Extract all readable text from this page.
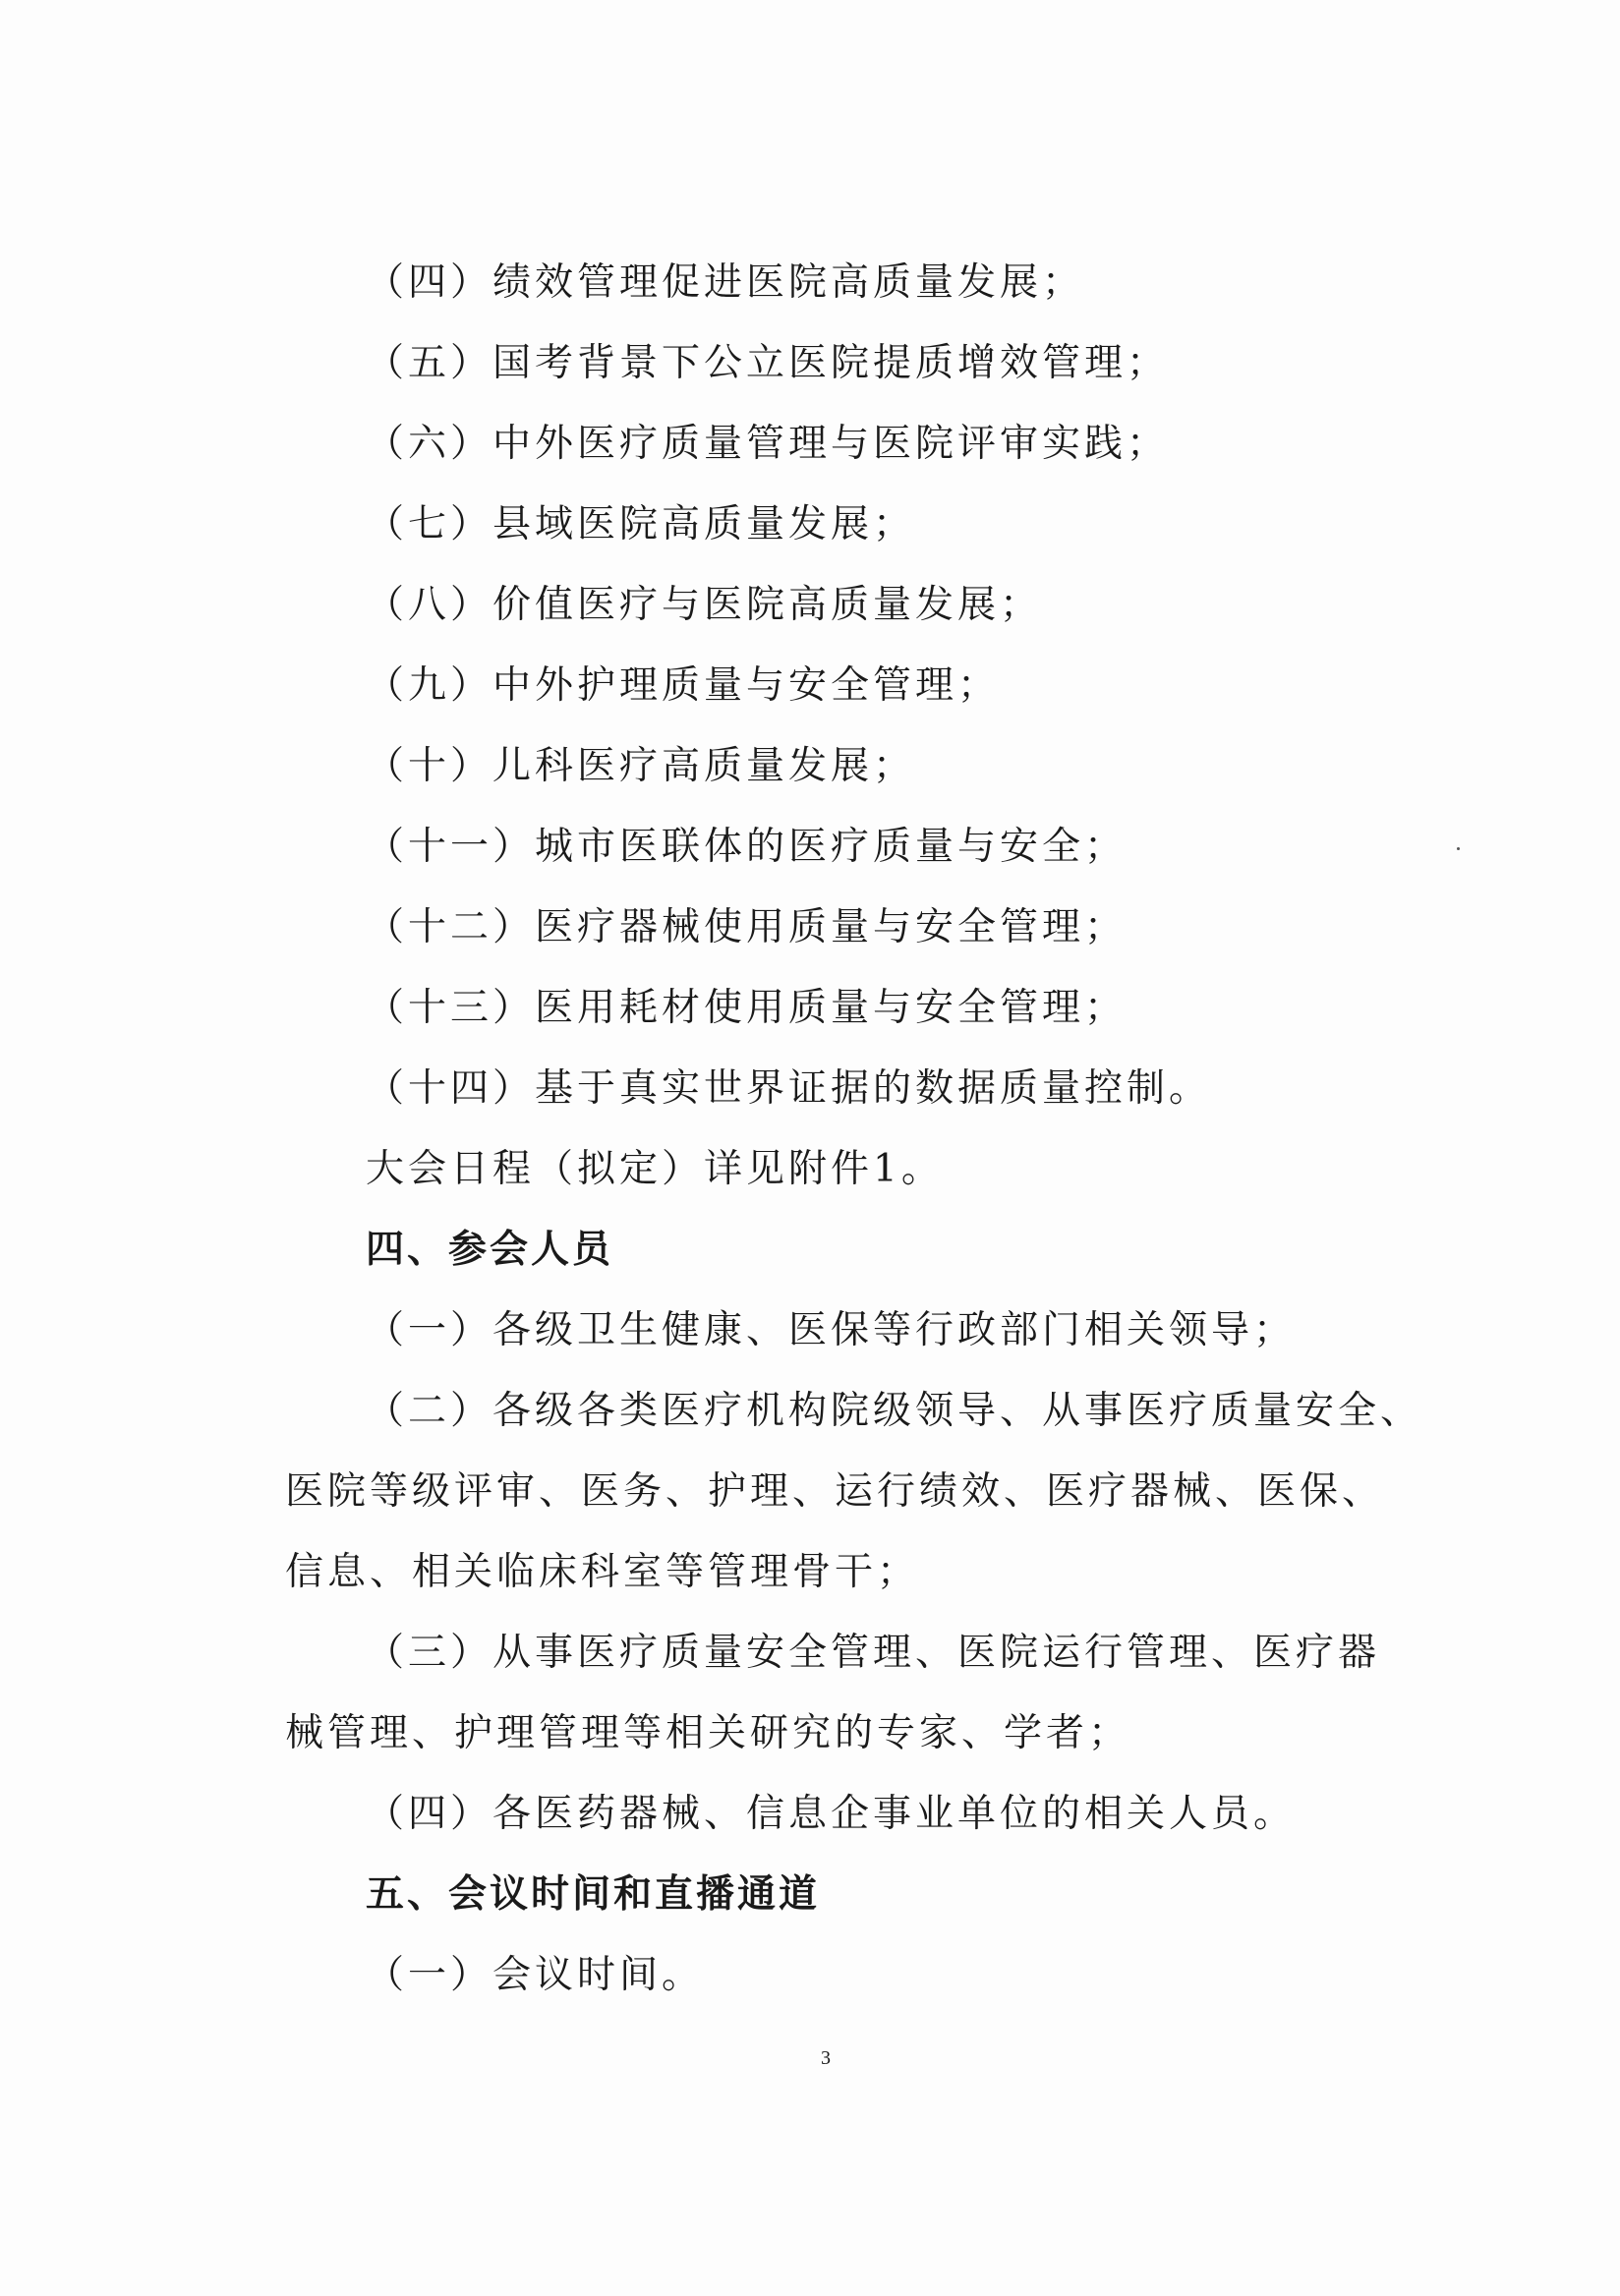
（四）绩效管理促进医院高质量发展；
（五）国考背景下公立医院提质增效管理；
（六）中外医疗质量管理与医院评审实践；
（七）县域医院高质量发展；
（八）价值医疗与医院高质量发展；
（九）中外护理质量与安全管理；
（十）儿科医疗高质量发展；
（十一）城市医联体的医疗质量与安全；
（十二）医疗器械使用质量与安全管理；
（十三）医用耗材使用质量与安全管理；
（十四）基于真实世界证据的数据质量控制。
大会日程（拟定）详见附件1。
四、参会人员
（一）各级卫生健康、医保等行政部门相关领导；
（二）各级各类医疗机构院级领导、从事医疗质量安全、
医院等级评审、医务、护理、运行绩效、医疗器械、医保、
信息、相关临床科室等管理骨干；
（三）从事医疗质量安全管理、医院运行管理、医疗器
械管理、护理管理等相关研究的专家、学者；
（四）各医药器械、信息企事业单位的相关人员。
五、会议时间和直播通道
（一）会议时间。
3
